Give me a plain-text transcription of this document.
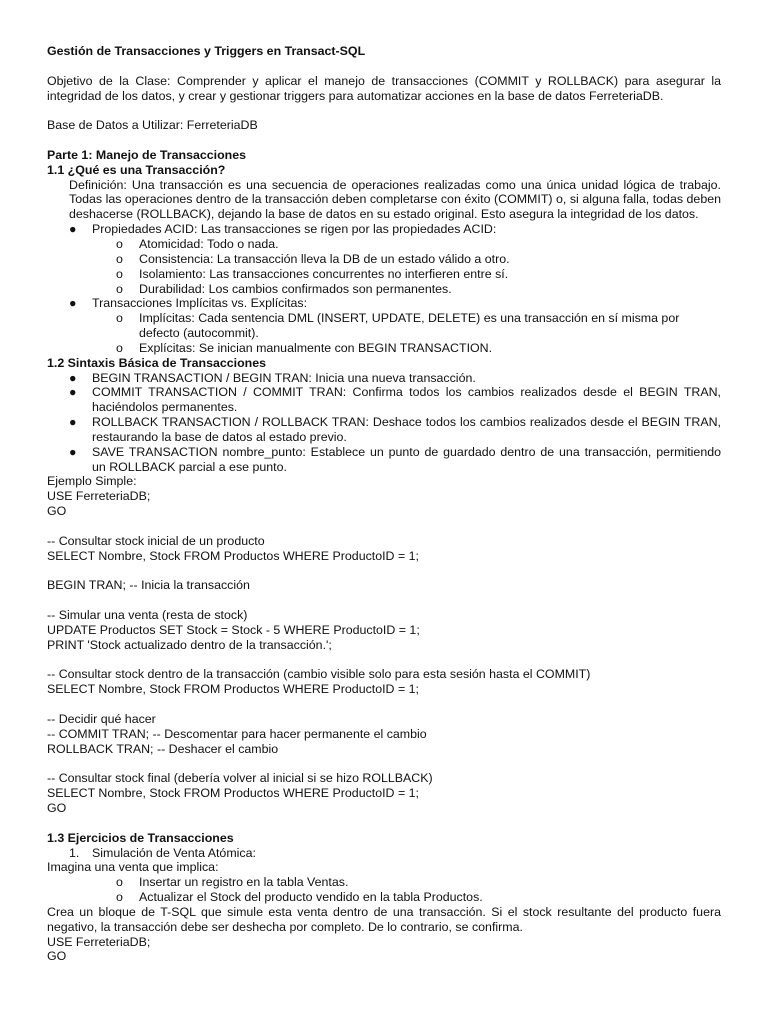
Gestión de Transacciones y Triggers en Transact-SQL
Objetivo de la Clase: Comprender y aplicar el manejo de transacciones (COMMIT y ROLLBACK) para asegurar la integridad de los datos, y crear y gestionar triggers para automatizar acciones en la base de datos FerreteriaDB.
Base de Datos a Utilizar: FerreteriaDB
Parte 1: Manejo de Transacciones
1.1 ¿Qué es una Transacción?
Definición: Una transacción es una secuencia de operaciones realizadas como una única unidad lógica de trabajo. Todas las operaciones dentro de la transacción deben completarse con éxito (COMMIT) o, si alguna falla, todas deben deshacerse (ROLLBACK), dejando la base de datos en su estado original. Esto asegura la integridad de los datos.
● Propiedades ACID: Las transacciones se rigen por las propiedades ACID:
o Atomicidad: Todo o nada.
o Consistencia: La transacción lleva la DB de un estado válido a otro.
o Isolamiento: Las transacciones concurrentes no interfieren entre sí.
o Durabilidad: Los cambios confirmados son permanentes.
● Transacciones Implícitas vs. Explícitas:
o Implícitas: Cada sentencia DML (INSERT, UPDATE, DELETE) es una transacción en sí misma por defecto (autocommit).
o Explícitas: Se inician manualmente con BEGIN TRANSACTION.
1.2 Sintaxis Básica de Transacciones
● BEGIN TRANSACTION / BEGIN TRAN: Inicia una nueva transacción.
● COMMIT TRANSACTION / COMMIT TRAN: Confirma todos los cambios realizados desde el BEGIN TRAN, haciéndolos permanentes.
● ROLLBACK TRANSACTION / ROLLBACK TRAN: Deshace todos los cambios realizados desde el BEGIN TRAN, restaurando la base de datos al estado previo.
● SAVE TRANSACTION nombre_punto: Establece un punto de guardado dentro de una transacción, permitiendo un ROLLBACK parcial a ese punto.
Ejemplo Simple:
USE FerreteriaDB;
GO
-- Consultar stock inicial de un producto
SELECT Nombre, Stock FROM Productos WHERE ProductoID = 1;
BEGIN TRAN; -- Inicia la transacción
-- Simular una venta (resta de stock)
UPDATE Productos SET Stock = Stock - 5 WHERE ProductoID = 1;
PRINT 'Stock actualizado dentro de la transacción.';
-- Consultar stock dentro de la transacción (cambio visible solo para esta sesión hasta el COMMIT)
SELECT Nombre, Stock FROM Productos WHERE ProductoID = 1;
-- Decidir qué hacer
-- COMMIT TRAN; -- Descomentar para hacer permanente el cambio
ROLLBACK TRAN; -- Deshacer el cambio
-- Consultar stock final (debería volver al inicial si se hizo ROLLBACK)
SELECT Nombre, Stock FROM Productos WHERE ProductoID = 1;
GO
1.3 Ejercicios de Transacciones
1. Simulación de Venta Atómica:
Imagina una venta que implica:
o Insertar un registro en la tabla Ventas.
o Actualizar el Stock del producto vendido en la tabla Productos.
Crea un bloque de T-SQL que simule esta venta dentro de una transacción. Si el stock resultante del producto fuera negativo, la transacción debe ser deshecha por completo. De lo contrario, se confirma.
USE FerreteriaDB;
GO
